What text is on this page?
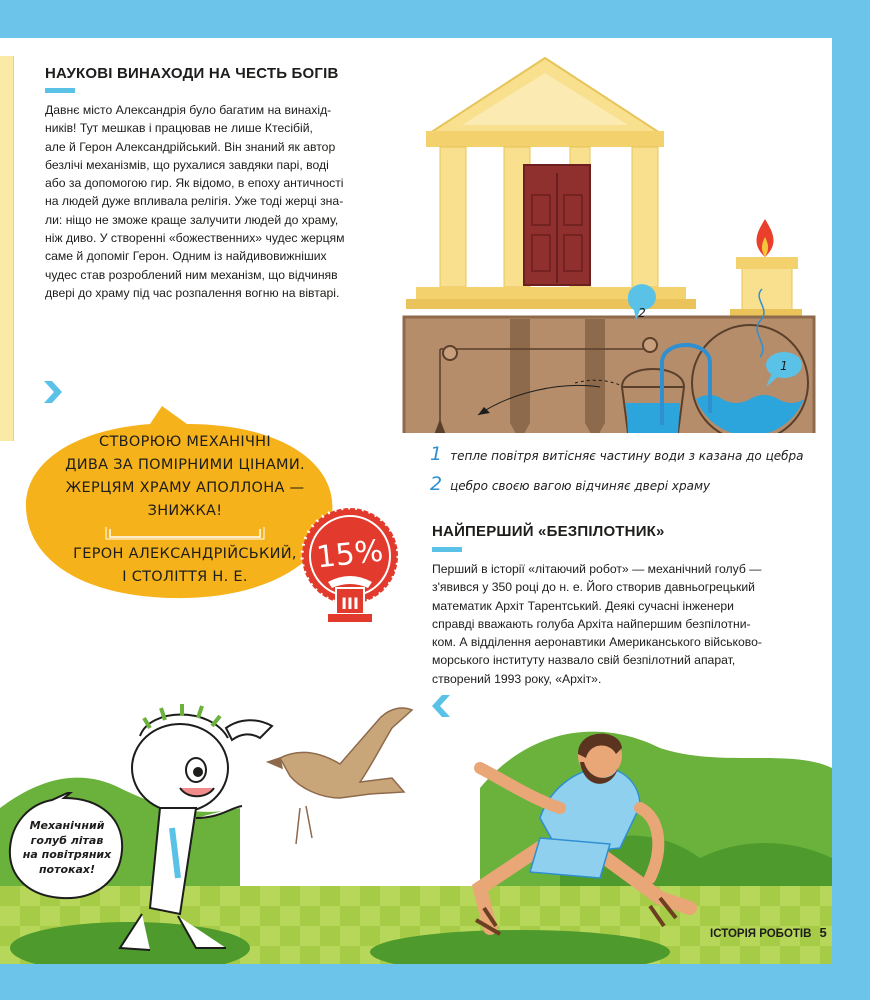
НАУКОВІ ВИНАХОДИ НА ЧЕСТЬ БОГІВ
Давнє місто Александрія було багатим на винахід-
ників! Тут мешкав і працював не лише Ктесібій,
але й Герон Александрійський. Він знаний як автор
безлічі механізмів, що рухалися завдяки парі, воді
або за допомогою гир. Як відомо, в епоху античності
на людей дуже впливала релігія. Уже тоді жерці зна-
ли: ніщо не зможе краще залучити людей до храму,
ніж диво. У створенні «божественних» чудес жерцям
саме й допоміг Герон. Одним із найдивовижніших
чудес став розроблений ним механізм, що відчиняв
двері до храму під час розпалення вогню на вівтарі.
2
1
1 тепле повітря витісняє частину води з казана до цебра
2 цебро своєю вагою відчиняє двері храму
СТВОРЮЮ МЕХАНІЧНІ
ДИВА ЗА ПОМІРНИМИ ЦІНАМИ.
ЖЕРЦЯМ ХРАМУ АПОЛЛОНА —
ЗНИЖКА!
ГЕРОН АЛЕКСАНДРІЙСЬКИЙ,
І СТОЛІТТЯ Н. Е.
15%
III
НАЙПЕРШИЙ «БЕЗПІЛОТНИК»
Перший в історії «літаючий робот» — механічний голуб —
з'явився у 350 році до н. е. Його створив давньогрецький
математик Архіт Тарентський. Деякі сучасні інженери
справді вважають голуба Архіта найпершим безпілотни-
ком. А відділення аеронавтики Американського військово-
морського інституту назвало свій безпілотний апарат,
створений 1993 року, «Архіт».
Механічний
голуб літав
на повітряних
потоках!
ІСТОРІЯ РОБОТІВ 5
